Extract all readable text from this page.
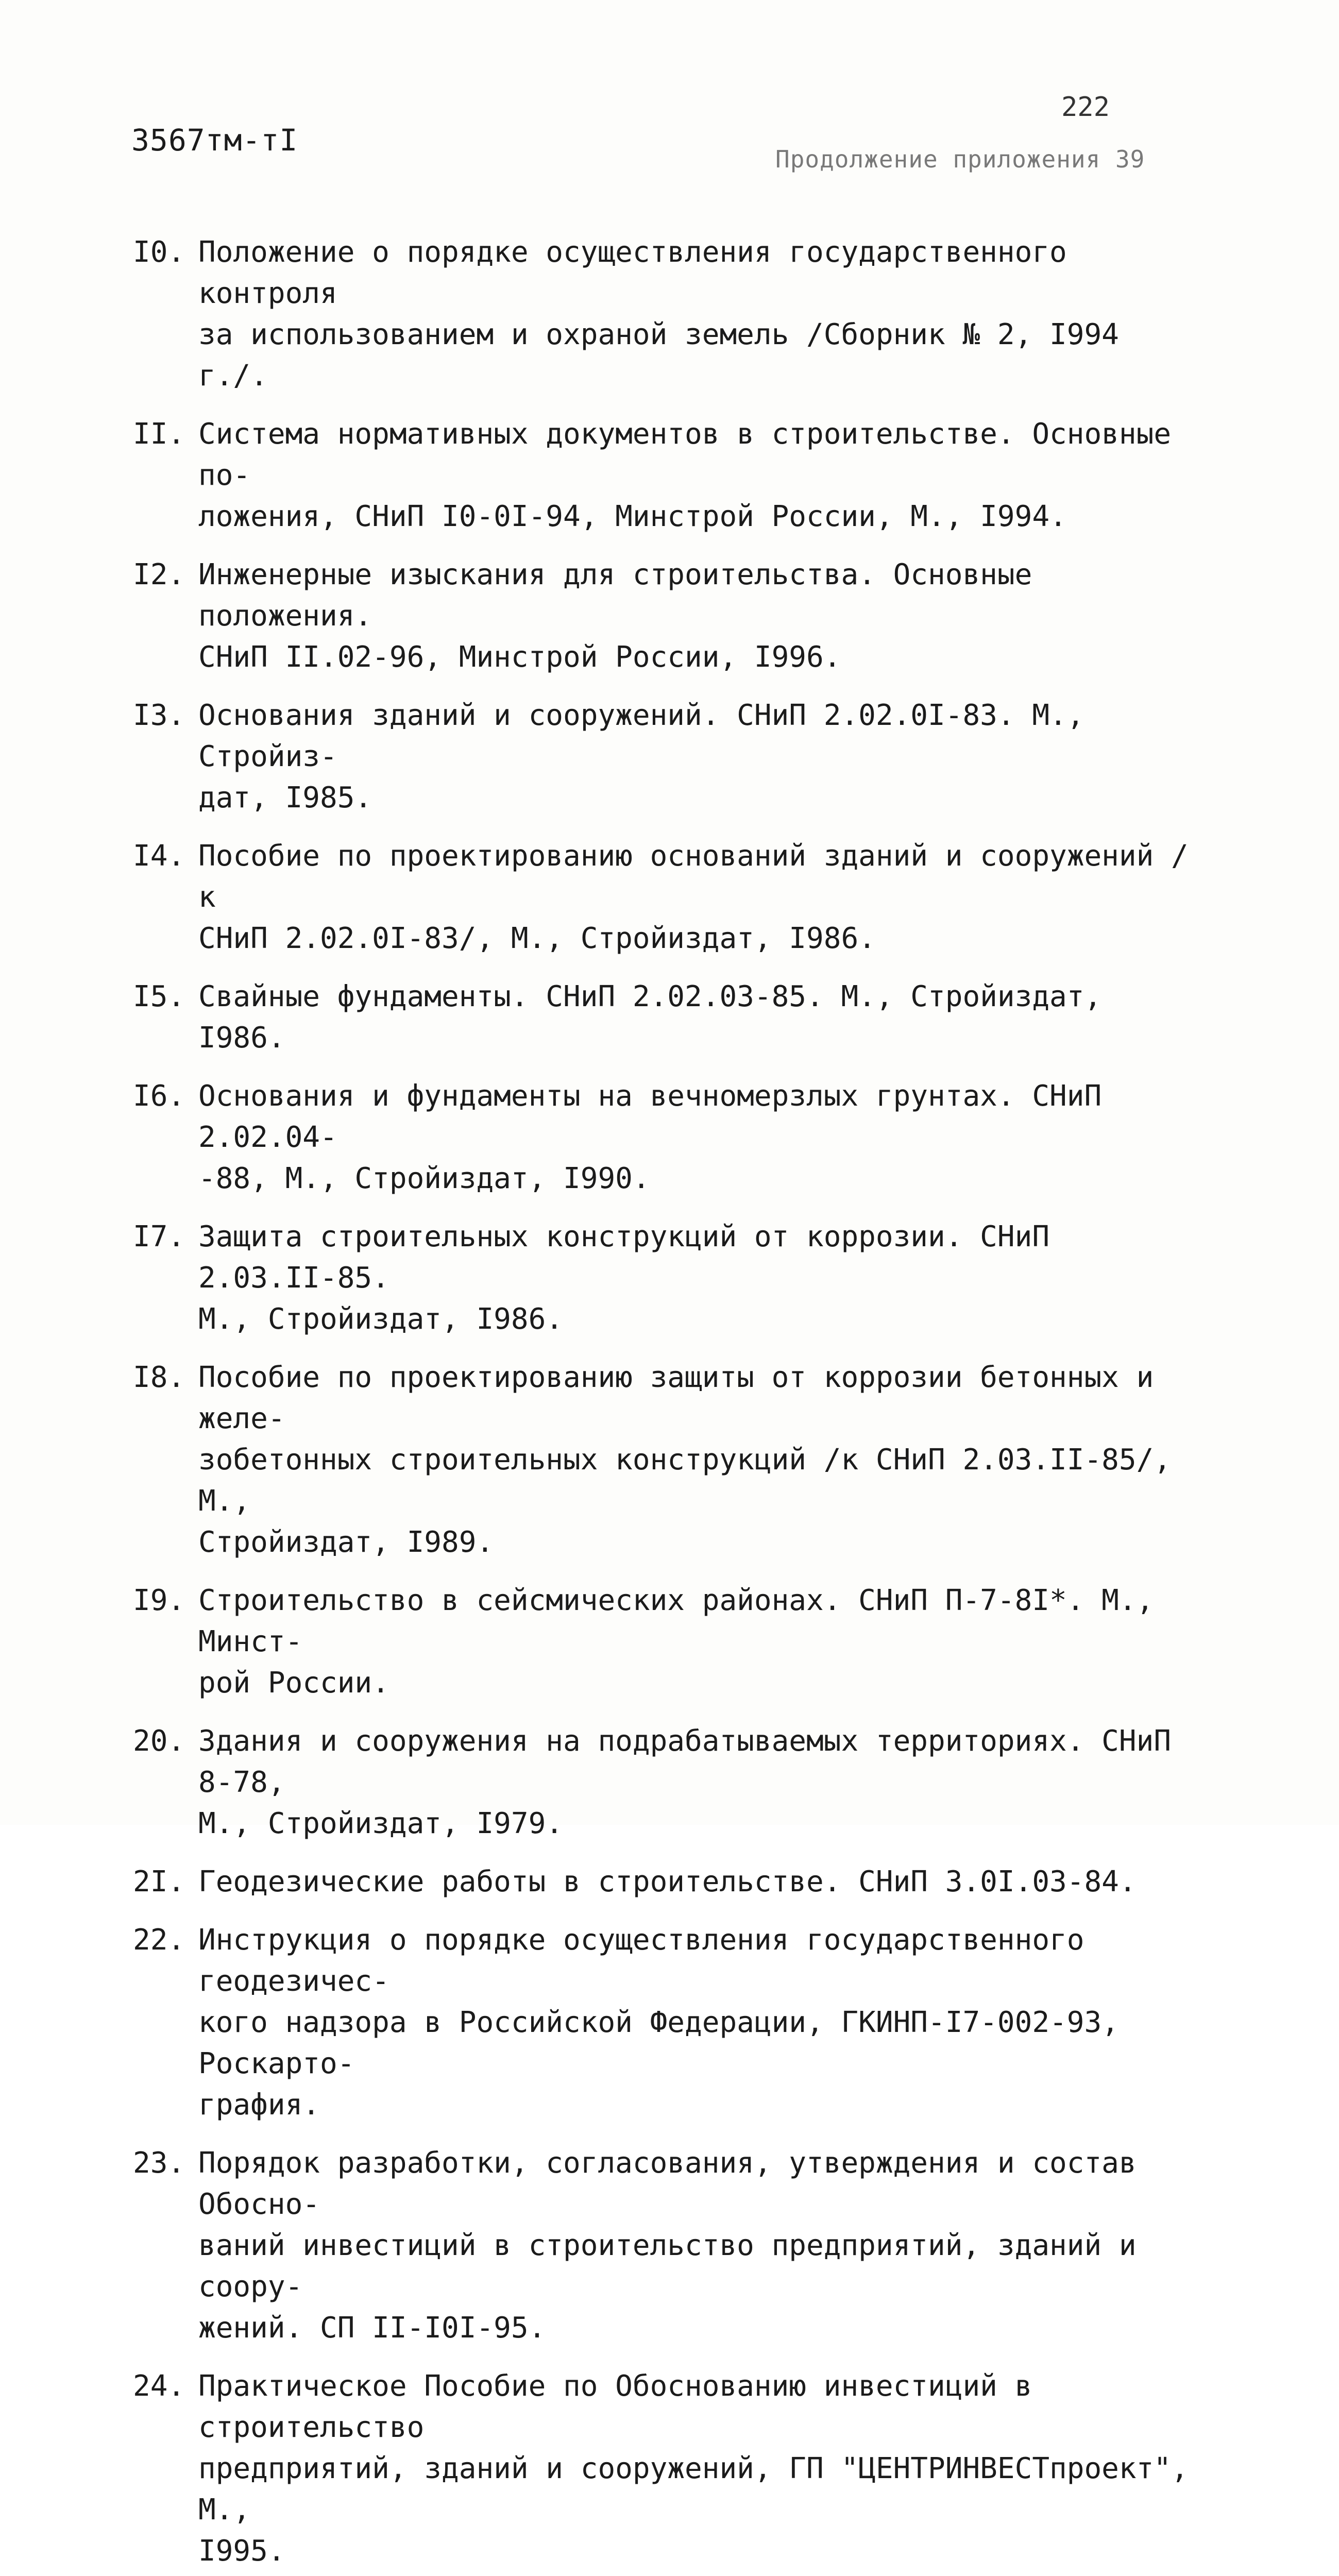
3567тм-тI
222
Продолжение приложения 39
I0. Положение о порядке осуществления государственного контроля
за использованием и охраной земель /Сборник № 2, I994 г./.
II. Система нормативных документов в строительстве. Основные по-
ложения, СНиП I0-0I-94, Минстрой России, М., I994.
I2. Инженерные изыскания для строительства. Основные положения.
СНиП II.02-96, Минстрой России, I996.
I3. Основания зданий и сооружений. СНиП 2.02.0I-83. М., Стройиз-
дат, I985.
I4. Пособие по проектированию оснований зданий и сооружений /к
СНиП 2.02.0I-83/, М., Стройиздат, I986.
I5. Свайные фундаменты. СНиП 2.02.03-85. М., Стройиздат, I986.
I6. Основания и фундаменты на вечномерзлых грунтах. СНиП 2.02.04-
-88, М., Стройиздат, I990.
I7. Защита строительных конструкций от коррозии. СНиП 2.03.II-85.
М., Стройиздат, I986.
I8. Пособие по проектированию защиты от коррозии бетонных и желе-
зобетонных строительных конструкций /к СНиП 2.03.II-85/, М.,
Стройиздат, I989.
I9. Строительство в сейсмических районах. СНиП П-7-8I*. М., Минст-
рой России.
20. Здания и сооружения на подрабатываемых территориях. СНиП 8-78,
М., Стройиздат, I979.
2I. Геодезические работы в строительстве. СНиП 3.0I.03-84.
22. Инструкция о порядке осуществления государственного геодезичес-
кого надзора в Российской Федерации, ГКИНП-I7-002-93, Роскарто-
графия.
23. Порядок разработки, согласования, утверждения и состав Обосно-
ваний инвестиций в строительство предприятий, зданий и соору-
жений. СП II-I0I-95.
24. Практическое Пособие по Обоснованию инвестиций в строительство
предприятий, зданий и сооружений, ГП "ЦЕНТРИНВЕСТпроект", М.,
I995.
